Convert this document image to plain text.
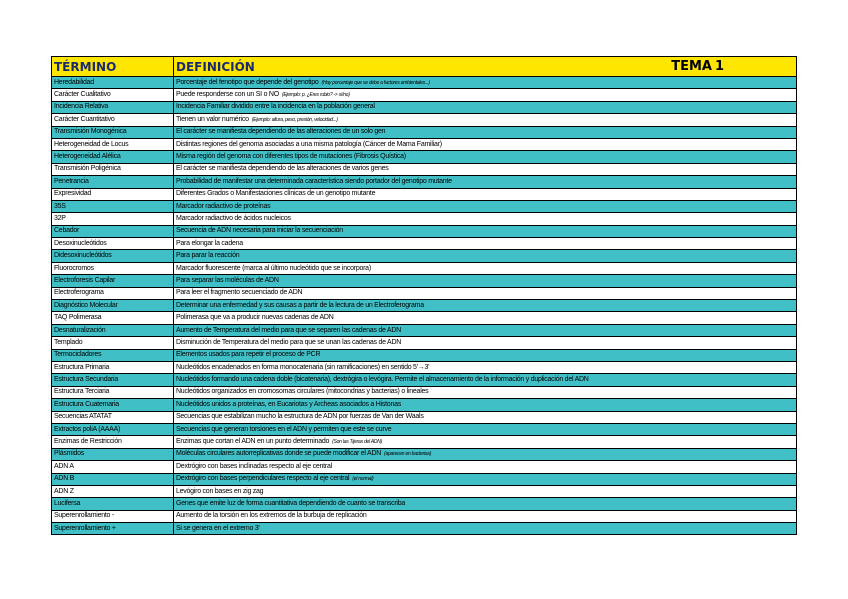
TÉRMINO	DEFINICIÓN TEMA 1

Heredabilidad	Porcentaje del fenotipo que depende del genotipo (Hay porcentaje que se debe a factores ambientales...)
Carácter Cualitativo	Puede responderse con un SI o NO (Ejemplo: p. ¿Eres rubio? -> sí/no)
Incidencia Relativa	Incidencia Familiar dividido entre la incidencia en la población general
Carácter Cuantitativo	Tienen un valor numérico (Ejemplo: altura, peso, presión, velocidad...)
Transmisión Monogénica	El carácter se manifiesta dependiendo de las alteraciones de un solo gen
Heterogeneidad de Locus	Distintas regiones del genoma asociadas a una misma patología (Cáncer de Mama Familiar)
Heterogeneidad Alélica	Misma región del genoma con diferentes tipos de mutaciones (Fibrosis Quística)
Transmisión Poligénica	El carácter se manifiesta dependiendo de las alteraciones de varios genes
Penetrancia	Probabilidad de manifestar una determinada característica siendo portador del genotipo mutante
Expresividad	Diferentes Grados o Manifestaciones clínicas de un genotipo mutante
35S	Marcador radiactivo de proteínas
32P	Marcador radiactivo de ácidos nucleicos
Cebador	Secuencia de ADN necesaria para iniciar la secuenciación
Desoxinucleótidos	Para elongar la cadena
Didesoxinucleótidos	Para parar la reacción
Fluorocromos	Marcador fluorescente (marca al último nucleótido que se incorpora)
Electroforesis Capilar	Para separar las moléculas de ADN
Electroferograma	Para leer el fragmento secuenciado de ADN
Diagnóstico Molecular	Determinar una enfermedad y sus causas a partir de la lectura de un Electroferograma
TAQ Polimerasa	Polimerasa que va a producir nuevas cadenas de ADN
Desnaturalización	Aumento de Temperatura del medio para que se separen las cadenas de ADN
Templado	Disminución de Temperatura del medio para que se unan las cadenas de ADN
Termocicladores	Elementos usados para repetir el proceso de PCR
Estructura Primaria	Nucleótidos encadenados en forma monocatenaria (sin ramificaciones) en sentido 5'→3'
Estructura Secundaria	Nucleótidos formando una cadena doble (bicatenaria), dextrógira o levógira. Permite el almacenamiento de la información y duplicación del ADN
Estructura Terciaria	Nucleótidos organizados en cromosomas circulares (mitocondrias y bacterias) o lineales
Estructura Cuaternaria	Nucleótidos unidos a proteínas, en Eucariotas y Archeas asociados a Histonas
Secuencias ATATAT	Secuencias que estabilizan mucho la estructura de ADN por fuerzas de Van der Waals
Extractos poliA (AAAA)	Secuencias que generan torsiones en el ADN y permiten que este se curve
Enzimas de Restricción	Enzimas que cortan el ADN en un punto determinado (Son las Tijeras del ADN)
Plásmidos	Moléculas circulares autorreplicativas donde se puede modificar el ADN (aparecen en bacterias)
ADN A	Dextrógiro con bases inclinadas respecto al eje central
ADN B	Dextrógiro con bases perpendiculares respecto al eje central (el normal)
ADN Z	Levógiro con bases en zig zag
Lucifersa	Genes que emite luz de forma cuantitativa dependiendo de cuanto se transcriba
Superenrollamiento -	Aumento de la torsión en los extremos de la burbuja de replicación
Superenrollamiento +	Si se genera en el extremo 3'
